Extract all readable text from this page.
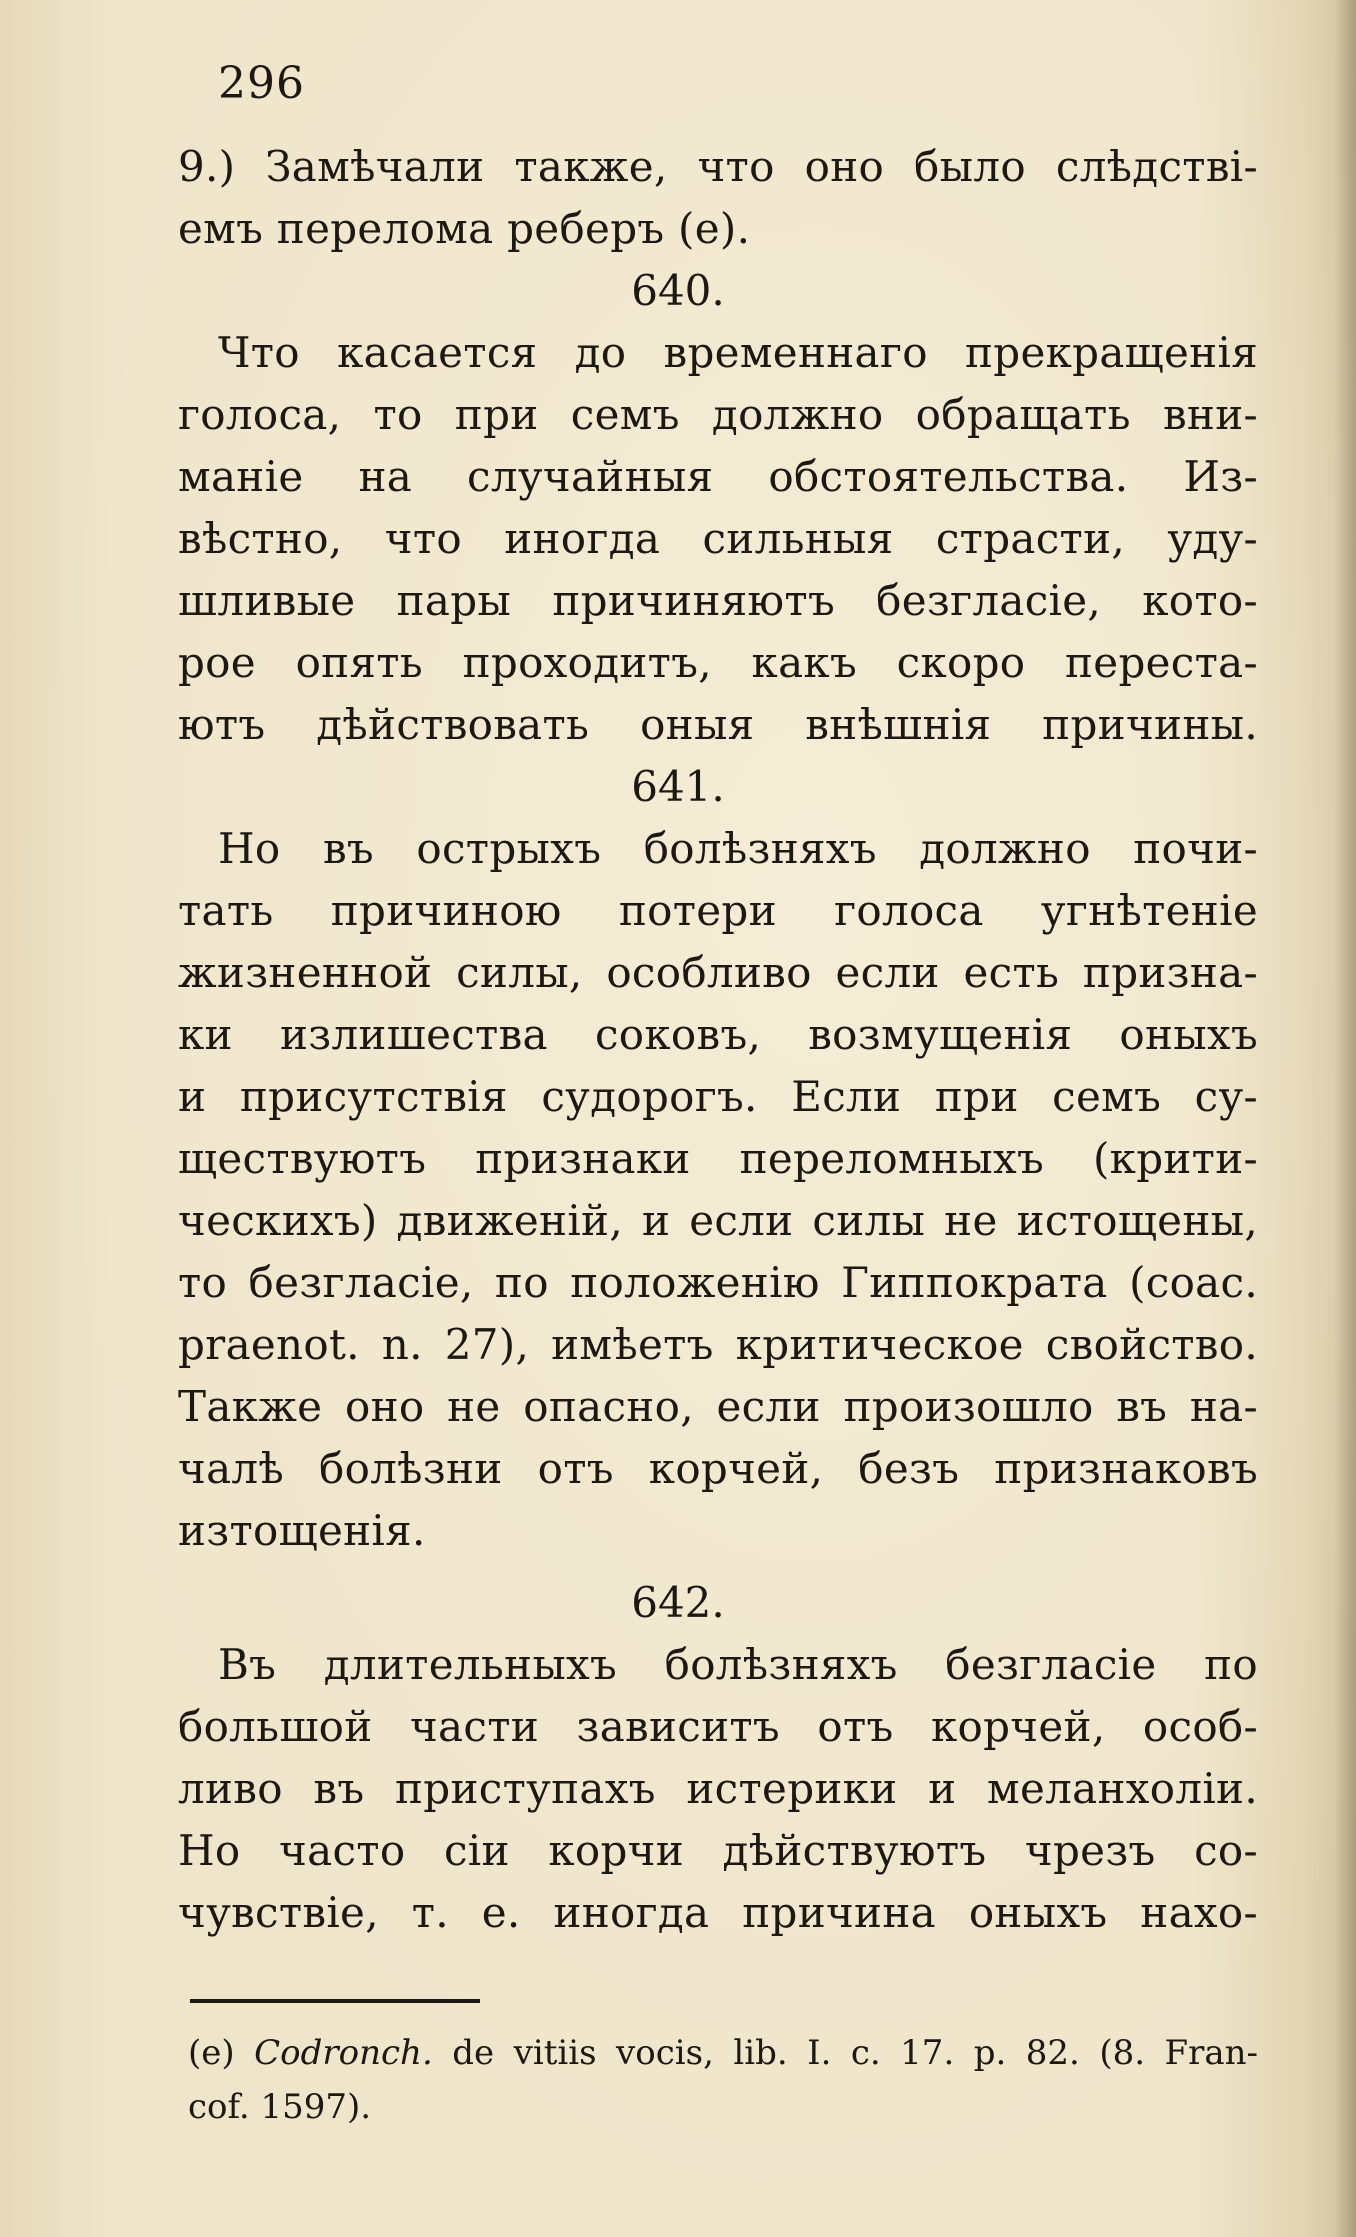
296
9.) Замѣчали также, что оно было слѣдстві-
емъ перелома реберъ (е).
640.
Что касается до временнаго прекращенія
голоса, то при семъ должно обращать вни-
маніе на случайныя обстоятельства. Из-
вѣстно, что иногда сильныя страсти, уду-
шливые пары причиняютъ безгласіе, кото-
рое опять проходитъ, какъ скоро переста-
ютъ дѣйствовать оныя внѣшнія причины.
641.
Но въ острыхъ болѣзняхъ должно почи-
тать причиною потери голоса угнѣтеніе
жизненной силы, особливо если есть призна-
ки излишества соковъ, возмущенія оныхъ
и присутствія судорогъ. Если при семъ су-
ществуютъ признаки переломныхъ (крити-
ческихъ) движеній, и если силы не истощены,
то безгласіе, по положенію Гиппократа (coac.
praenot. n. 27), имѣетъ критическое свойство.
Также оно не опасно, если произошло въ на-
чалѣ болѣзни отъ корчей, безъ признаковъ
изтощенія.
642.
Въ длительныхъ болѣзняхъ безгласіе по
большой части зависитъ отъ корчей, особ-
ливо въ приступахъ истерики и меланхоліи.
Но часто сіи корчи дѣйствуютъ чрезъ со-
чувствіе, т. е. иногда причина оныхъ нахо-
(e) Codronch. de vitiis vocis, lib. I. c. 17. p. 82. (8. Fran-
cof. 1597).
